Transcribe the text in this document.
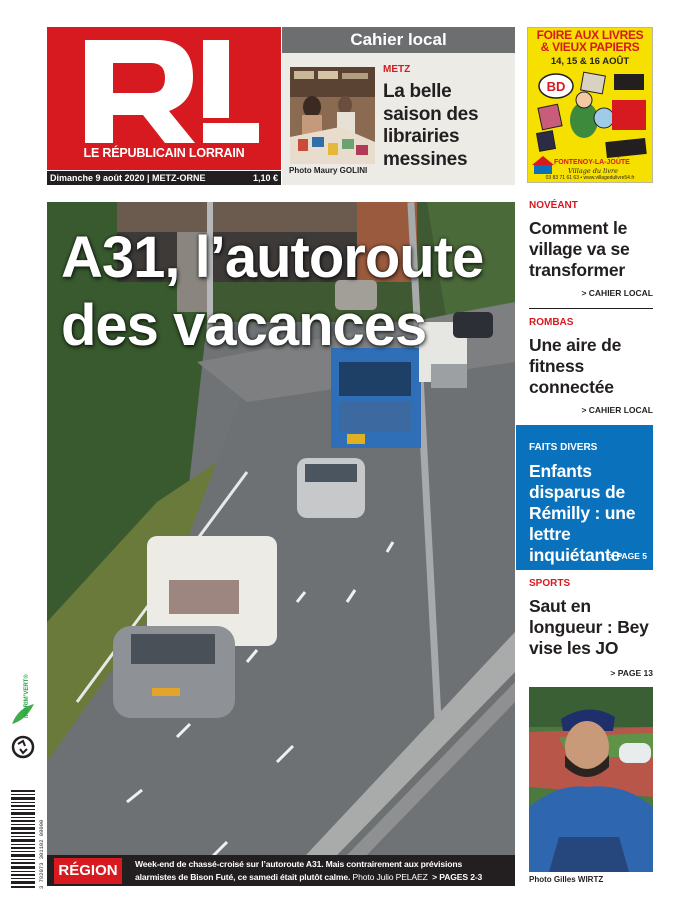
LE RÉPUBLICAIN LORRAIN
Dimanche 9 août 2020 | METZ-ORNE	1,10 €
Cahier local
Photo Maury GOLINI
METZ
La belle saison des librairies messines
FOIRE AUX LIVRES
& VIEUX PAPIERS
14, 15 & 16 AOÛT
BD
FONTENOY-LA-JOÛTE
Village du livre
03 83 71 61 63 • www.villagedulivre54.fr
A31, l’autoroute
des vacances
RÉGION	Week-end de chassé-croisé sur l’autoroute A31. Mais contrairement aux prévisions
alarmistes de Bison Futé, ce samedi était plutôt calme. Photo Julio PELAEZ > PAGES 2-3
NOVÉANT
Comment le village va se transformer
> CAHIER LOCAL
ROMBAS
Une aire de fitness connectée
> CAHIER LOCAL
FAITS DIVERS
Enfants disparus de Rémilly : une lettre inquiétante
> PAGE 5
SPORTS
Saut en longueur : Bey vise les JO
> PAGE 13
Photo Gilles WIRTZ
IMPRIM’VERT®
3 782073 301102 08090
